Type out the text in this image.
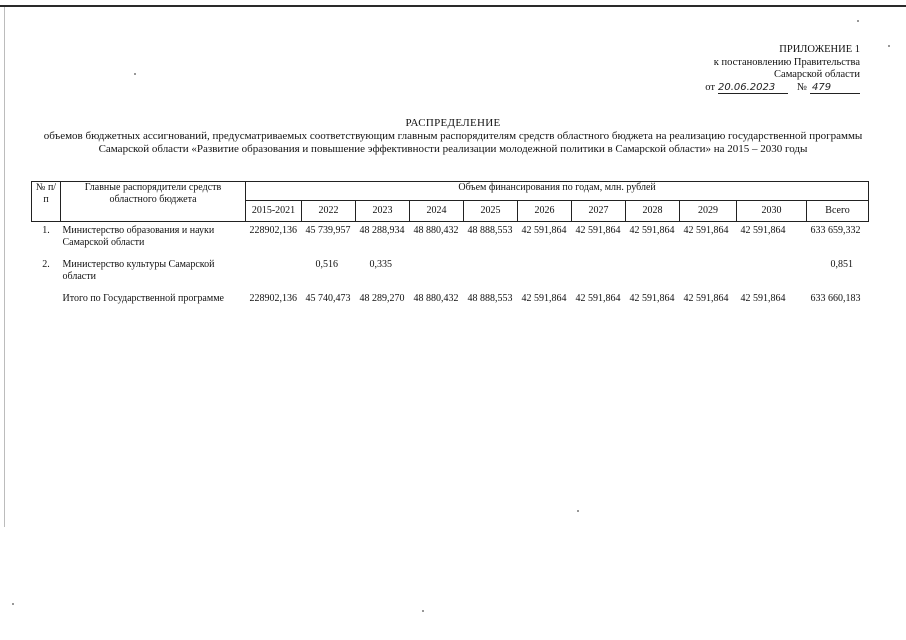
ПРИЛОЖЕНИЕ 1
к постановлению Правительства
Самарской области
от 20.06.2023	№ 479
РАСПРЕДЕЛЕНИЕ
объемов бюджетных ассигнований, предусматриваемых соответствующим главным распорядителям средств областного бюджета на реализацию государственной программы
Самарской области «Развитие образования и повышение эффективности реализации молодежной политики в Самарской области» на 2015 – 2030 годы
№ п/п	Главные распорядители средств областного бюджета	Объем финансирования по годам, млн. рублей										
		2015-2021	2022	2023	2024	2025	2026	2027	2028	2029	2030	Всего
1.	Министерство образования и науки Самарской области	228902,136	45 739,957	48 288,934	48 880,432	48 888,553	42 591,864	42 591,864	42 591,864	42 591,864	42 591,864	633 659,332
2.	Министерство культуры Самарской области		0,516	0,335								0,851
	Итого по Государственной программе	228902,136	45 740,473	48 289,270	48 880,432	48 888,553	42 591,864	42 591,864	42 591,864	42 591,864	42 591,864	633 660,183
